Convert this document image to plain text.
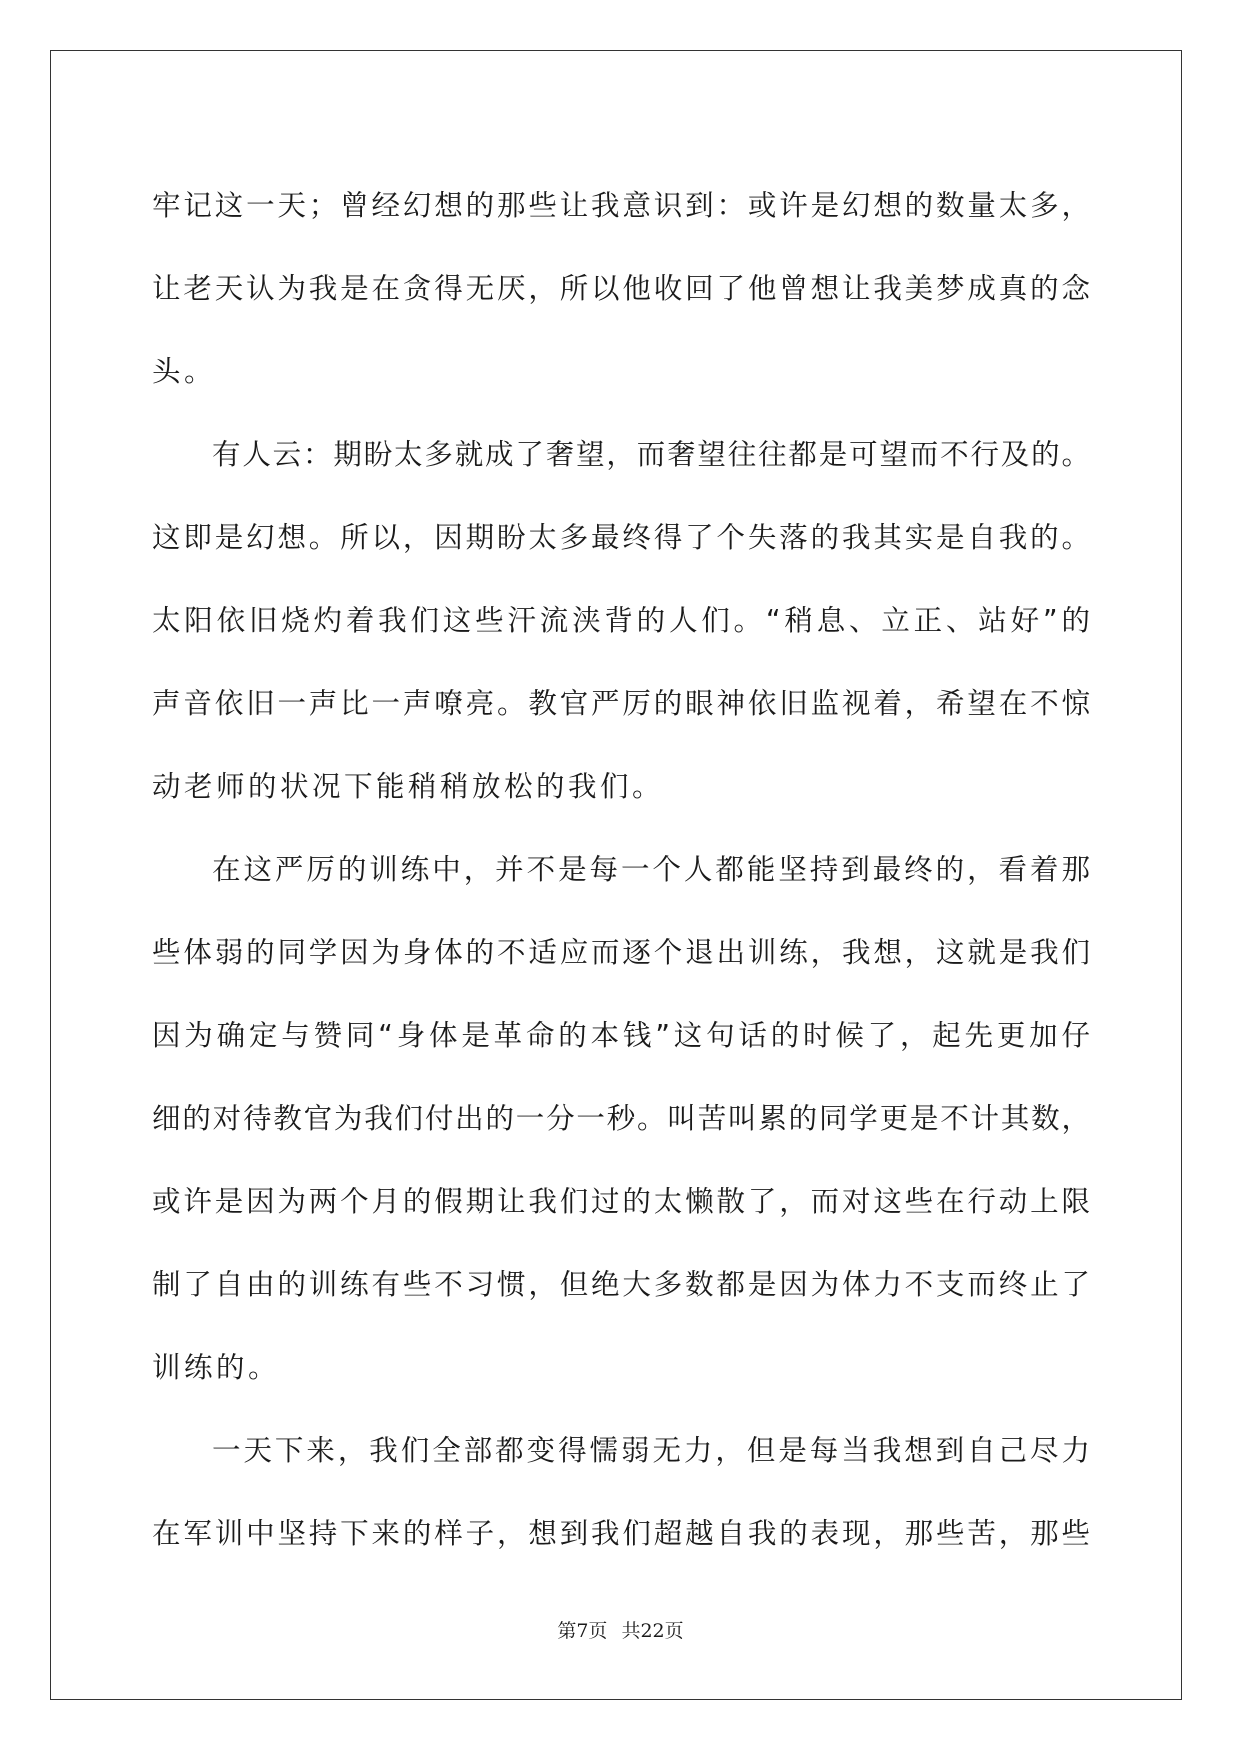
牢记这一天；曾经幻想的那些让我意识到：或许是幻想的数量太多，
让老天认为我是在贪得无厌，所以他收回了他曾想让我美梦成真的念
头。
有人云：期盼太多就成了奢望，而奢望往往都是可望而不行及的。
这即是幻想。所以，因期盼太多最终得了个失落的我其实是自我的。
太阳依旧烧灼着我们这些汗流浃背的人们。“稍息、立正、站好”的
声音依旧一声比一声嘹亮。教官严厉的眼神依旧监视着，希望在不惊
动老师的状况下能稍稍放松的我们。
在这严厉的训练中，并不是每一个人都能坚持到最终的，看着那
些体弱的同学因为身体的不适应而逐个退出训练，我想，这就是我们
因为确定与赞同“身体是革命的本钱”这句话的时候了，起先更加仔
细的对待教官为我们付出的一分一秒。叫苦叫累的同学更是不计其数，
或许是因为两个月的假期让我们过的太懒散了，而对这些在行动上限
制了自由的训练有些不习惯，但绝大多数都是因为体力不支而终止了
训练的。
一天下来，我们全部都变得懦弱无力，但是每当我想到自己尽力
在军训中坚持下来的样子，想到我们超越自我的表现，那些苦，那些
第7页 共22页
